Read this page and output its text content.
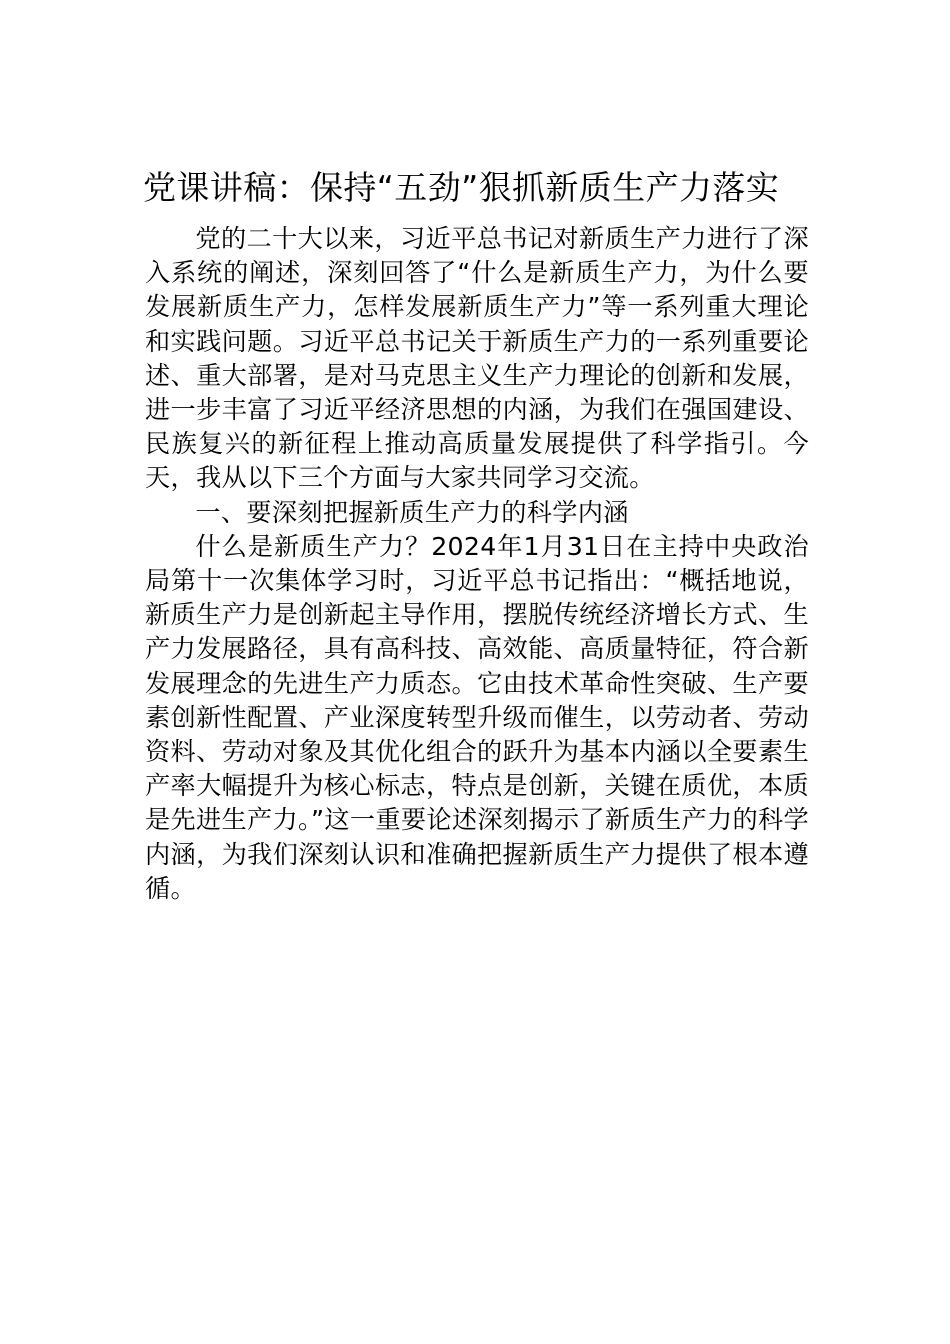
党课讲稿：保持“五劲”狠抓新质生产力落实

党的二十大以来，习近平总书记对新质生产力进行了深入系统的阐述，深刻回答了“什么是新质生产力，为什么要发展新质生产力，怎样发展新质生产力”等一系列重大理论和实践问题。习近平总书记关于新质生产力的一系列重要论述、重大部署，是对马克思主义生产力理论的创新和发展，进一步丰富了习近平经济思想的内涵，为我们在强国建设、民族复兴的新征程上推动高质量发展提供了科学指引。今天，我从以下三个方面与大家共同学习交流。

一、要深刻把握新质生产力的科学内涵

什么是新质生产力？2024年1月31日在主持中央政治局第十一次集体学习时，习近平总书记指出：“概括地说，新质生产力是创新起主导作用，摆脱传统经济增长方式、生产力发展路径，具有高科技、高效能、高质量特征，符合新发展理念的先进生产力质态。它由技术革命性突破、生产要素创新性配置、产业深度转型升级而催生，以劳动者、劳动资料、劳动对象及其优化组合的跃升为基本内涵以全要素生产率大幅提升为核心标志，特点是创新，关键在质优，本质是先进生产力。”这一重要论述深刻揭示了新质生产力的科学内涵，为我们深刻认识和准确把握新质生产力提供了根本遵循。
